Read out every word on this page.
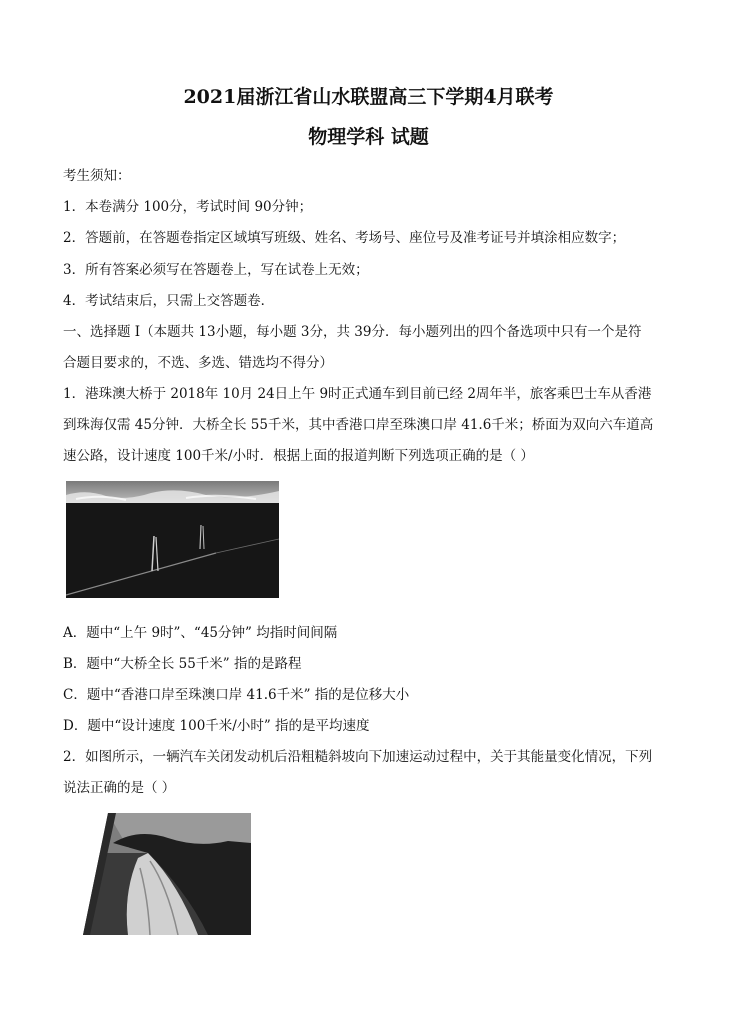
2021届浙江省山水联盟高三下学期4月联考
物理学科 试题
考生须知：
1．本卷满分 100分，考试时间 90分钟；
2．答题前，在答题卷指定区域填写班级、姓名、考场号、座位号及准考证号并填涂相应数字；
3．所有答案必须写在答题卷上，写在试卷上无效；
4．考试结束后，只需上交答题卷．
一、选择题 I（本题共 13小题，每小题 3分，共 39分．每小题列出的四个备选项中只有一个是符
合题目要求的，不选、多选、错选均不得分）
1．港珠澳大桥于 2018年 10月 24日上午 9时正式通车到目前已经 2周年半，旅客乘巴士车从香港
到珠海仅需 45分钟．大桥全长 55千米，其中香港口岸至珠澳口岸 41.6千米；桥面为双向六车道高
速公路，设计速度 100千米/小时．根据上面的报道判断下列选项正确的是（ ）
A．题中“上午 9时”、“45分钟” 均指时间间隔
B．题中“大桥全长 55千米” 指的是路程
C．题中“香港口岸至珠澳口岸 41.6千米” 指的是位移大小
D．题中“设计速度 100千米/小时” 指的是平均速度
2．如图所示，一辆汽车关闭发动机后沿粗糙斜坡向下加速运动过程中，关于其能量变化情况，下列
说法正确的是（ ）
